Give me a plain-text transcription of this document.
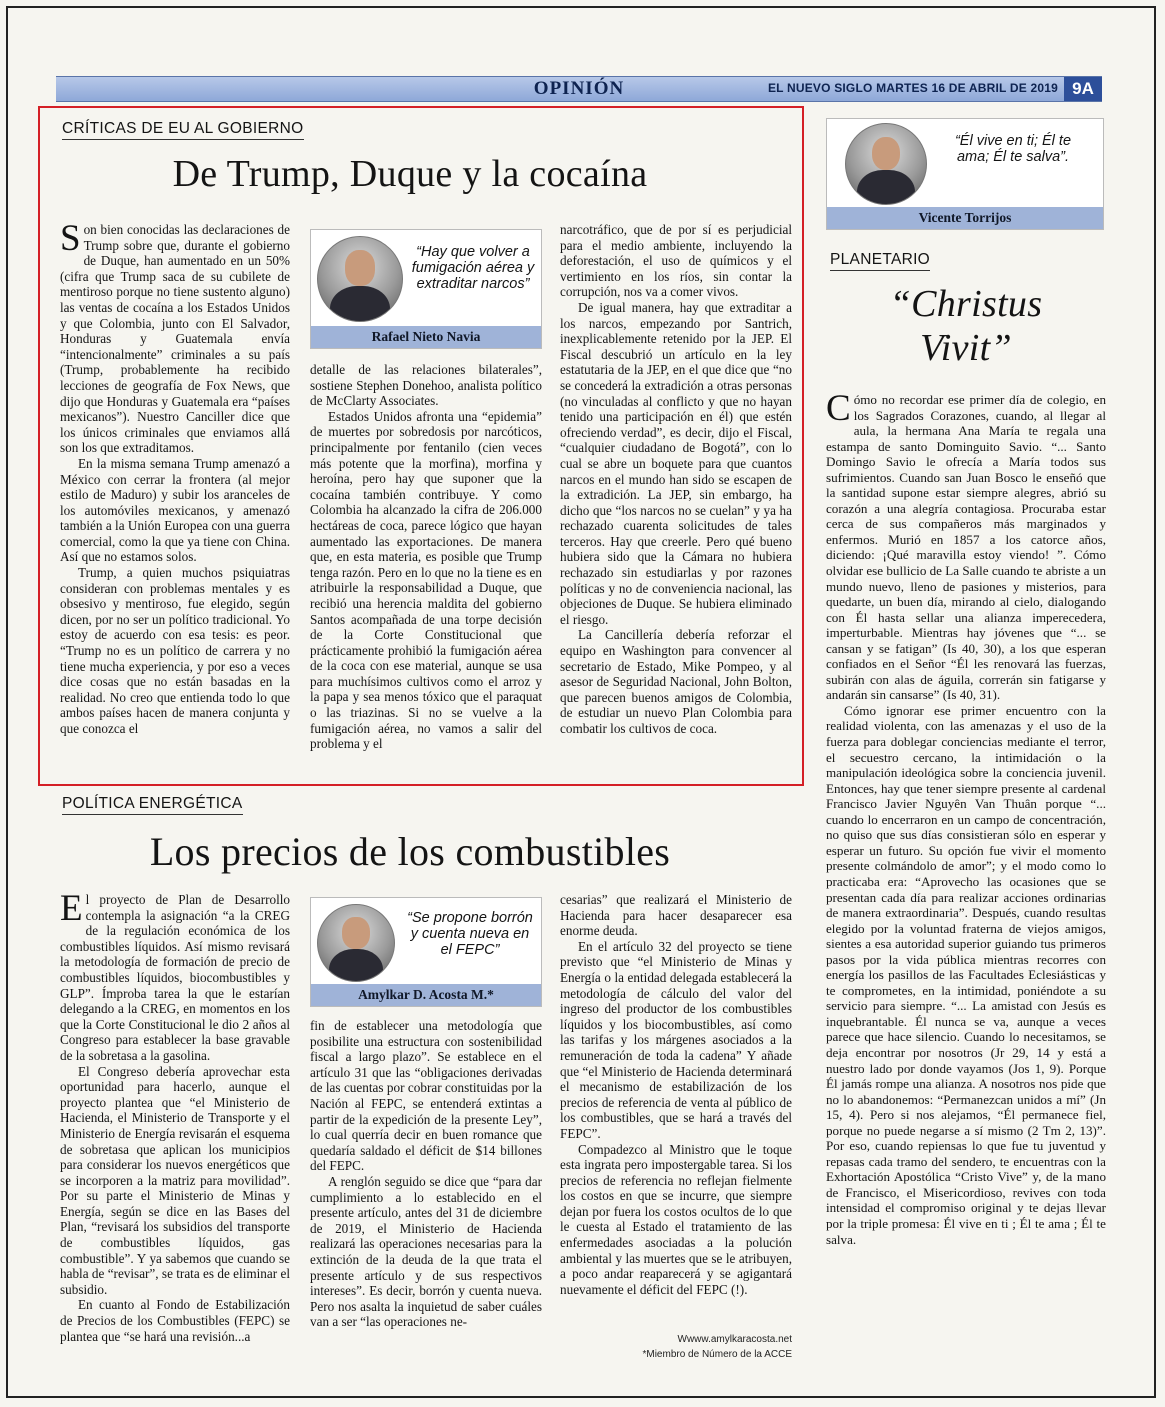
OPINIÓN	EL NUEVO SIGLO MARTES 16 DE ABRIL DE 2019 9A
CRÍTICAS DE EU AL GOBIERNO
De Trump, Duque y la cocaína

Son bien conocidas las declaraciones de Trump sobre que, durante el gobierno de Duque, han aumentado en un 50% (cifra que Trump saca de su cubilete de mentiroso porque no tiene sustento alguno) las ventas de cocaína a los Estados Unidos y que Colombia, junto con El Salvador, Honduras y Guatemala envía “intencionalmente” criminales a su país (Trump, probablemente ha recibido lecciones de geografía de Fox News, que dijo que Honduras y Guatemala era “países mexicanos”). Nuestro Canciller dice que los únicos criminales que enviamos allá son los que extraditamos.

En la misma semana Trump amenazó a México con cerrar la frontera (al mejor estilo de Maduro) y subir los aranceles de los automóviles mexicanos, y amenazó también a la Unión Europea con una guerra comercial, como la que ya tiene con China. Así que no estamos solos.

Trump, a quien muchos psiquiatras consideran con problemas mentales y es obsesivo y mentiroso, fue elegido, según dicen, por no ser un político tradicional. Yo estoy de acuerdo con esa tesis: es peor. “Trump no es un político de carrera y no tiene mucha experiencia, y por eso a veces dice cosas que no están basadas en la realidad. No creo que entienda todo lo que ambos países hacen de manera conjunta y que conozca el

“Hay que volver a fumigación aérea y extraditar narcos”
Rafael Nieto Navia

detalle de las relaciones bilaterales”, sostiene Stephen Donehoo, analista político de McClarty Associates.

Estados Unidos afronta una “epidemia” de muertes por sobredosis por narcóticos, principalmente por fentanilo (cien veces más potente que la morfina), morfina y heroína, pero hay que suponer que la cocaína también contribuye. Y como Colombia ha alcanzado la cifra de 206.000 hectáreas de coca, parece lógico que hayan aumentado las exportaciones. De manera que, en esta materia, es posible que Trump tenga razón. Pero en lo que no la tiene es en atribuirle la responsabilidad a Duque, que recibió una herencia maldita del gobierno Santos acompañada de una torpe decisión de la Corte Constitucional que prácticamente prohibió la fumigación aérea de la coca con ese material, aunque se usa para muchísimos cultivos como el arroz y la papa y sea menos tóxico que el paraquat o las triazinas. Si no se vuelve a la fumigación aérea, no vamos a salir del problema y el

narcotráfico, que de por sí es perjudicial para el medio ambiente, incluyendo la deforestación, el uso de químicos y el vertimiento en los ríos, sin contar la corrupción, nos va a comer vivos.

De igual manera, hay que extraditar a los narcos, empezando por Santrich, inexplicablemente retenido por la JEP. El Fiscal descubrió un artículo en la ley estatutaria de la JEP, en el que dice que “no se concederá la extradición a otras personas (no vinculadas al conflicto y que no hayan tenido una participación en él) que estén ofreciendo verdad”, es decir, dijo el Fiscal, “cualquier ciudadano de Bogotá”, con lo cual se abre un boquete para que cuantos narcos en el mundo han sido se escapen de la extradición. La JEP, sin embargo, ha dicho que “los narcos no se cuelan” y ya ha rechazado cuarenta solicitudes de tales terceros. Hay que creerle. Pero qué bueno hubiera sido que la Cámara no hubiera rechazado sin estudiarlas y por razones políticas y no de conveniencia nacional, las objeciones de Duque. Se hubiera eliminado el riesgo.

La Cancillería debería reforzar el equipo en Washington para convencer al secretario de Estado, Mike Pompeo, y al asesor de Seguridad Nacional, John Bolton, que parecen buenos amigos de Colombia, de estudiar un nuevo Plan Colombia para combatir los cultivos de coca.

POLÍTICA ENERGÉTICA
Los precios de los combustibles

El proyecto de Plan de Desarrollo contempla la asignación “a la CREG de la regulación económica de los combustibles líquidos. Así mismo revisará la metodología de formación de precio de combustibles líquidos, biocombustibles y GLP”. Ímproba tarea la que le estarían delegando a la CREG, en momentos en los que la Corte Constitucional le dio 2 años al Congreso para establecer la base gravable de la sobretasa a la gasolina.

El Congreso debería aprovechar esta oportunidad para hacerlo, aunque el proyecto plantea que “el Ministerio de Hacienda, el Ministerio de Transporte y el Ministerio de Energía revisarán el esquema de sobretasa que aplican los municipios para considerar los nuevos energéticos que se incorporen a la matriz para movilidad”. Por su parte el Ministerio de Minas y Energía, según se dice en las Bases del Plan, “revisará los subsidios del transporte de combustibles líquidos, gas combustible”. Y ya sabemos que cuando se habla de “revisar”, se trata es de eliminar el subsidio.

En cuanto al Fondo de Estabilización de Precios de los Combustibles (FEPC) se plantea que “se hará una revisión...a

“Se propone borrón y cuenta nueva en el FEPC”
Amylkar D. Acosta M.*

fin de establecer una metodología que posibilite una estructura con sostenibilidad fiscal a largo plazo”. Se establece en el artículo 31 que las “obligaciones derivadas de las cuentas por cobrar constituidas por la Nación al FEPC, se entenderá extintas a partir de la expedición de la presente Ley”, lo cual querría decir en buen romance que quedaría saldado el déficit de $14 billones del FEPC.

A renglón seguido se dice que “para dar cumplimiento a lo establecido en el presente artículo, antes del 31 de diciembre de 2019, el Ministerio de Hacienda realizará las operaciones necesarias para la extinción de la deuda de la que trata el presente artículo y de sus respectivos intereses”. Es decir, borrón y cuenta nueva. Pero nos asalta la inquietud de saber cuáles van a ser “las operaciones ne-

cesarias” que realizará el Ministerio de Hacienda para hacer desaparecer esa enorme deuda.

En el artículo 32 del proyecto se tiene previsto que “el Ministerio de Minas y Energía o la entidad delegada establecerá la metodología de cálculo del valor del ingreso del productor de los combustibles líquidos y los biocombustibles, así como las tarifas y los márgenes asociados a la remuneración de toda la cadena” Y añade que “el Ministerio de Hacienda determinará el mecanismo de estabilización de los precios de referencia de venta al público de los combustibles, que se hará a través del FEPC”.

Compadezco al Ministro que le toque esta ingrata pero impostergable tarea. Si los precios de referencia no reflejan fielmente los costos en que se incurre, que siempre dejan por fuera los costos ocultos de lo que le cuesta al Estado el tratamiento de las enfermedades asociadas a la polución ambiental y las muertes que se le atribuyen, a poco andar reaparecerá y se agigantará nuevamente el déficit del FEPC (!).

Wwww.amylkaracosta.net
*Miembro de Número de la ACCE
“Él vive en ti; Él te ama; Él te salva”.
Vicente Torrijos
PLANETARIO
“Christus
Vivit”

Cómo no recordar ese primer día de colegio, en los Sagrados Corazones, cuando, al llegar al aula, la hermana Ana María te regala una estampa de santo Dominguito Savio. “... Santo Domingo Savio le ofrecía a María todos sus sufrimientos. Cuando san Juan Bosco le enseñó que la santidad supone estar siempre alegres, abrió su corazón a una alegría contagiosa. Procuraba estar cerca de sus compañeros más marginados y enfermos. Murió en 1857 a los catorce años, diciendo: ¡Qué maravilla estoy viendo! ”. Cómo olvidar ese bullicio de La Salle cuando te abriste a un mundo nuevo, lleno de pasiones y misterios, para quedarte, un buen día, mirando al cielo, dialogando con Él hasta sellar una alianza imperecedera, imperturbable. Mientras hay jóvenes que “... se cansan y se fatigan” (Is 40, 30), a los que esperan confiados en el Señor “Él les renovará las fuerzas, subirán con alas de águila, correrán sin fatigarse y andarán sin cansarse” (Is 40, 31).

Cómo ignorar ese primer encuentro con la realidad violenta, con las amenazas y el uso de la fuerza para doblegar conciencias mediante el terror, el secuestro cercano, la intimidación o la manipulación ideológica sobre la conciencia juvenil. Entonces, hay que tener siempre presente al cardenal Francisco Javier Nguyên Van Thuân porque “... cuando lo encerraron en un campo de concentración, no quiso que sus días consistieran sólo en esperar y esperar un futuro. Su opción fue vivir el momento presente colmándolo de amor”; y el modo como lo practicaba era: “Aprovecho las ocasiones que se presentan cada día para realizar acciones ordinarias de manera extraordinaria”. Después, cuando resultas elegido por la voluntad fraterna de viejos amigos, sientes a esa autoridad superior guiando tus primeros pasos por la vida pública mientras recorres con energía los pasillos de las Facultades Eclesiásticas y te comprometes, en la intimidad, poniéndote a su servicio para siempre. “... La amistad con Jesús es inquebrantable. Él nunca se va, aunque a veces parece que hace silencio. Cuando lo necesitamos, se deja encontrar por nosotros (Jr 29, 14 y está a nuestro lado por donde vayamos (Jos 1, 9). Porque Él jamás rompe una alianza. A nosotros nos pide que no lo abandonemos: “Permanezcan unidos a mí” (Jn 15, 4). Pero si nos alejamos, “Él permanece fiel, porque no puede negarse a sí mismo (2 Tm 2, 13)”. Por eso, cuando repiensas lo que fue tu juventud y repasas cada tramo del sendero, te encuentras con la Exhortación Apostólica “Cristo Vive” y, de la mano de Francisco, el Misericordioso, revives con toda intensidad el compromiso original y te dejas llevar por la triple promesa: Él vive en ti ; Él te ama ; Él te salva.
